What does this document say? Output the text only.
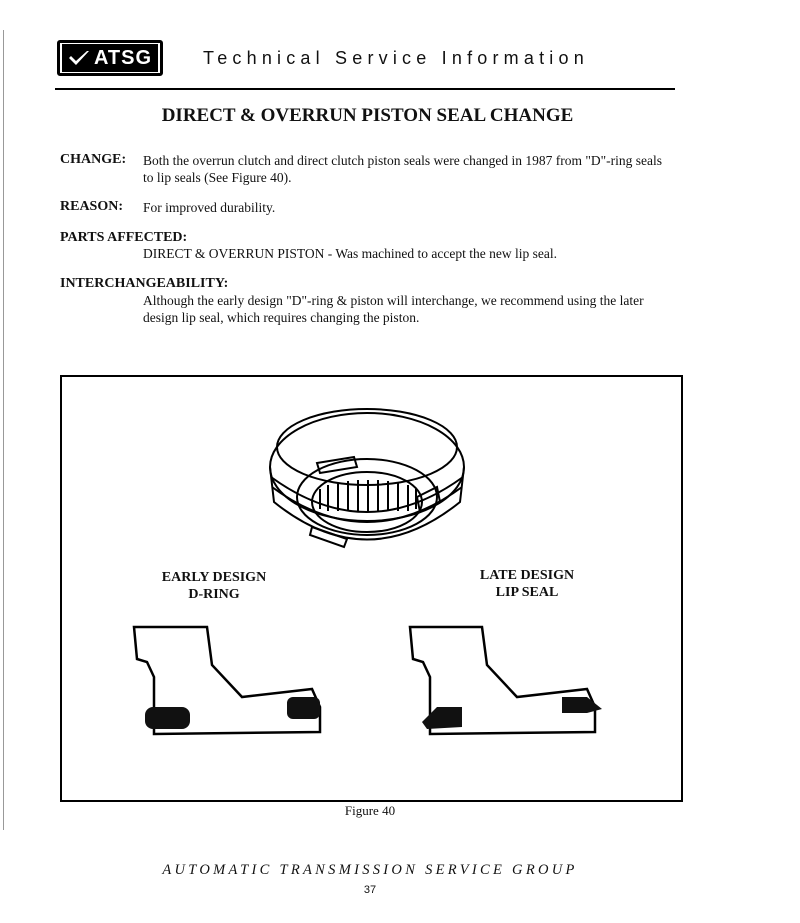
ATSG	Technical Service Information
DIRECT & OVERRUN PISTON SEAL CHANGE
CHANGE: Both the overrun clutch and direct clutch piston seals were changed in 1987 from "D"-ring seals
to lip seals (See Figure 40).
REASON: For improved durability.
PARTS AFFECTED:
DIRECT & OVERRUN PISTON - Was machined to accept the new lip seal.
INTERCHANGEABILITY:
Although the early design "D"-ring & piston will interchange, we recommend using the later
design lip seal, which requires changing the piston.
EARLY DESIGN
D-RING
LATE DESIGN
LIP SEAL
Figure 40
AUTOMATIC TRANSMISSION SERVICE GROUP
37
